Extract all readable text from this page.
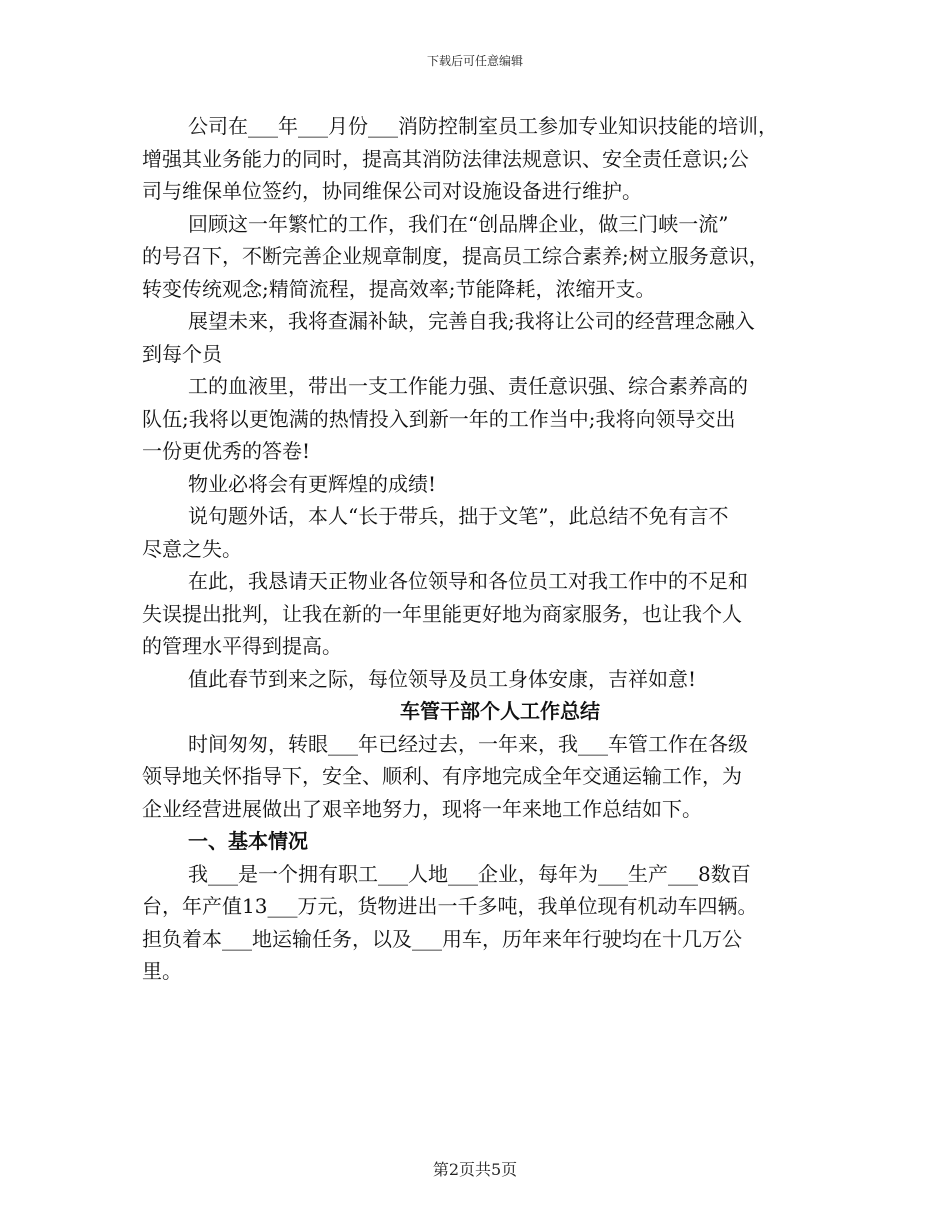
下载后可任意编辑
公司在___年___月份___消防控制室员工参加专业知识技能的培训，
增强其业务能力的同时，提高其消防法律法规意识、安全责任意识;公
司与维保单位签约，协同维保公司对设施设备进行维护。
回顾这一年繁忙的工作，我们在“创品牌企业，做三门峡一流”
的号召下，不断完善企业规章制度，提高员工综合素养;树立服务意识，
转变传统观念;精简流程，提高效率;节能降耗，浓缩开支。
展望未来，我将查漏补缺，完善自我;我将让公司的经营理念融入
到每个员
工的血液里，带出一支工作能力强、责任意识强、综合素养高的
队伍;我将以更饱满的热情投入到新一年的工作当中;我将向领导交出
一份更优秀的答卷!
物业必将会有更辉煌的成绩!
说句题外话，本人“长于带兵，拙于文笔”，此总结不免有言不
尽意之失。
在此，我恳请天正物业各位领导和各位员工对我工作中的不足和
失误提出批判，让我在新的一年里能更好地为商家服务，也让我个人
的管理水平得到提高。
值此春节到来之际，每位领导及员工身体安康，吉祥如意!
车管干部个人工作总结
时间匆匆，转眼___年已经过去，一年来，我___车管工作在各级
领导地关怀指导下，安全、顺利、有序地完成全年交通运输工作，为
企业经营进展做出了艰辛地努力，现将一年来地工作总结如下。
一、基本情况
我___是一个拥有职工___人地___企业，每年为___生产___8数百
台，年产值13___万元，货物进出一千多吨，我单位现有机动车四辆。
担负着本___地运输任务，以及___用车，历年来年行驶均在十几万公
里。
第2页共5页
